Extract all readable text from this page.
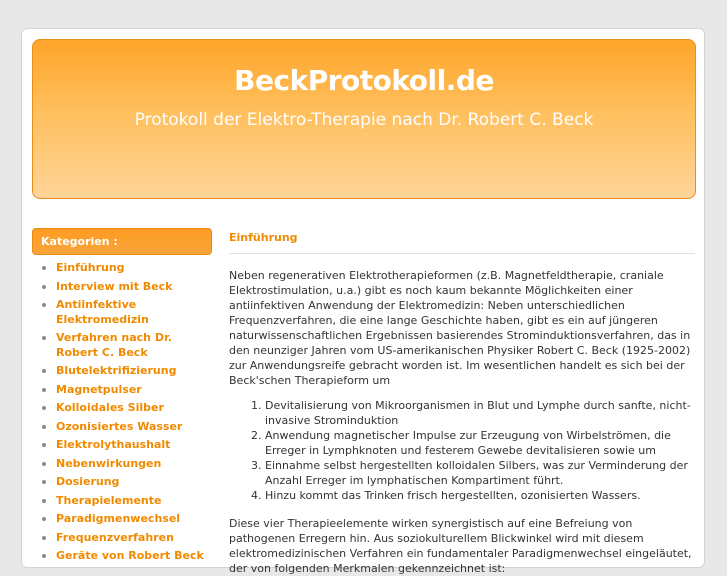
BeckProtokoll.de

Protokoll der Elektro-Therapie nach Dr. Robert C. Beck

Kategorien :
Einführung
Interview mit Beck
Antiinfektive Elektromedizin
Verfahren nach Dr. Robert C. Beck
Blutelektrifizierung
Magnetpulser
Kolloidales Silber
Ozonisiertes Wasser
Elektrolythaushalt
Nebenwirkungen
Dosierung
Therapielemente
Paradigmenwechsel
Frequenzverfahren
Geräte von Robert Beck
Einführung

Neben regenerativen Elektrotherapieformen (z.B. Magnetfeldtherapie, craniale Elektrostimulation, u.a.) gibt es noch kaum bekannte Möglichkeiten einer antiinfektiven Anwendung der Elektromedizin: Neben unterschiedlichen Frequenzverfahren, die eine lange Geschichte haben, gibt es ein auf jüngeren naturwissenschaftlichen Ergebnissen basierendes Strominduktionsverfahren, das in den neunziger Jahren vom US-amerikanischen Physiker Robert C. Beck (1925-2002) zur Anwendungsreife gebracht worden ist. Im wesentlichen handelt es sich bei der Beck'schen Therapieform um

1. Devitalisierung von Mikroorganismen in Blut und Lymphe durch sanfte, nicht-invasive Strominduktion
2. Anwendung magnetischer Impulse zur Erzeugung von Wirbelströmen, die Erreger in Lymphknoten und festerem Gewebe devitalisieren sowie um
3. Einnahme selbst hergestellten kolloidalen Silbers, was zur Verminderung der Anzahl Erreger im lymphatischen Kompartiment führt.
4. Hinzu kommt das Trinken frisch hergestellten, ozonisierten Wassers.

Diese vier Therapieelemente wirken synergistisch auf eine Befreiung von pathogenen Erregern hin. Aus soziokulturellem Blickwinkel wird mit diesem elektromedizinischen Verfahren ein fundamentaler Paradigmenwechsel eingeläutet, der von folgenden Merkmalen gekennzeichnet ist:
